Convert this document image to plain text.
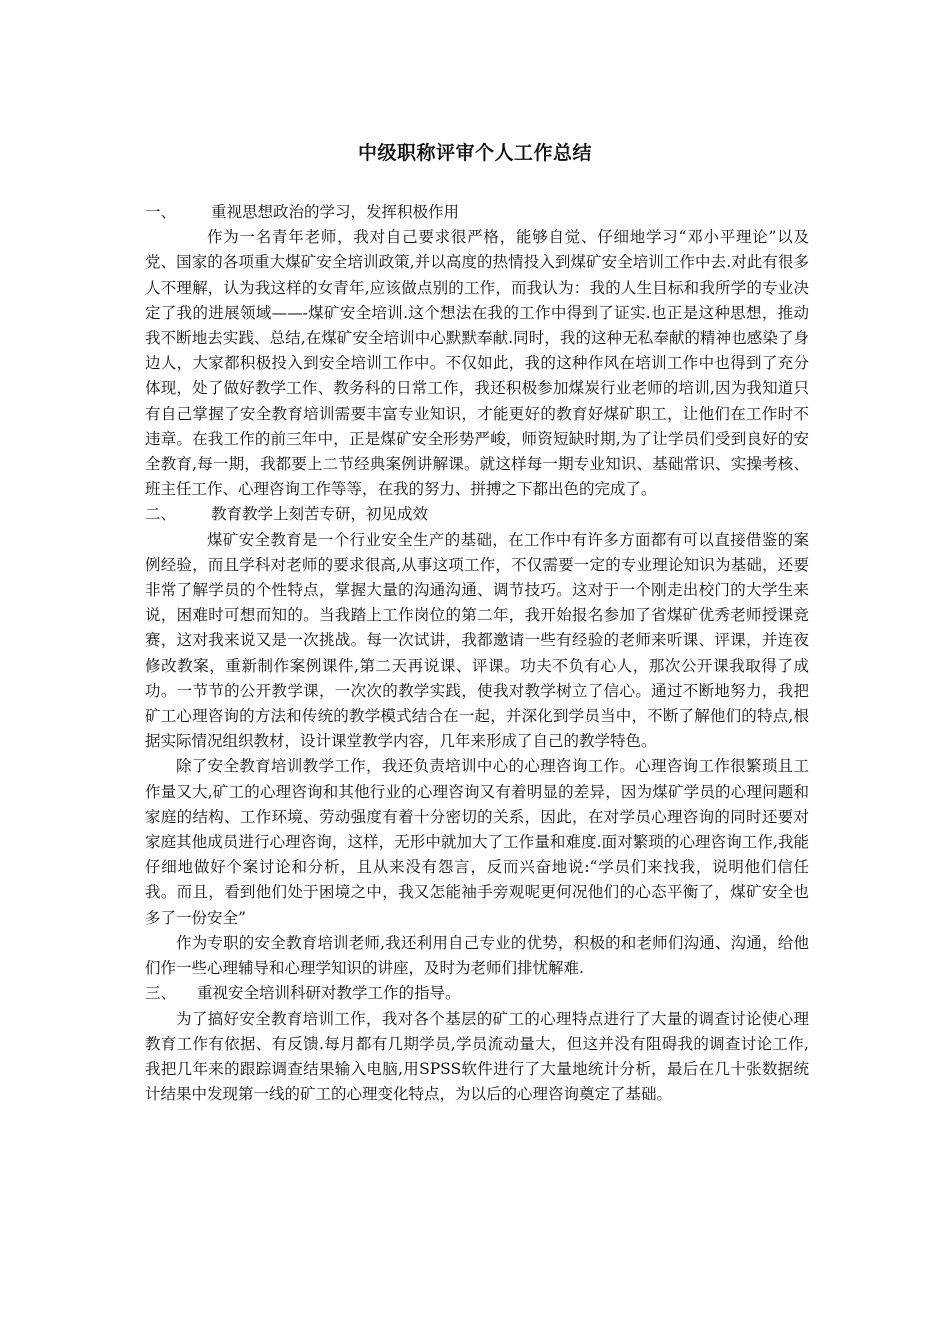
中级职称评审个人工作总结
一、	重视思想政治的学习，发挥积极作用

作为一名青年老师，我对自己要求很严格，能够自觉、仔细地学习“邓小平理论”以及党、国家的各项重大煤矿安全培训政策,并以高度的热情投入到煤矿安全培训工作中去.对此有很多人不理解，认为我这样的女青年,应该做点别的工作，而我认为：我的人生目标和我所学的专业决定了我的进展领域——-煤矿安全培训.这个想法在我的工作中得到了证实.也正是这种思想，推动我不断地去实践、总结,在煤矿安全培训中心默默奉献.同时，我的这种无私奉献的精神也感染了身边人，大家都积极投入到安全培训工作中。不仅如此，我的这种作风在培训工作中也得到了充分体现，处了做好教学工作、教务科的日常工作，我还积极参加煤炭行业老师的培训,因为我知道只有自己掌握了安全教育培训需要丰富专业知识，才能更好的教育好煤矿职工，让他们在工作时不违章。在我工作的前三年中，正是煤矿安全形势严峻，师资短缺时期,为了让学员们受到良好的安全教育,每一期，我都要上二节经典案例讲解课。就这样每一期专业知识、基础常识、实操考核、班主任工作、心理咨询工作等等，在我的努力、拼搏之下都出色的完成了。

二、	教育教学上刻苦专研，初见成效

煤矿安全教育是一个行业安全生产的基础，在工作中有许多方面都有可以直接借鉴的案例经验，而且学科对老师的要求很高,从事这项工作，不仅需要一定的专业理论知识为基础，还要非常了解学员的个性特点，掌握大量的沟通沟通、调节技巧。这对于一个刚走出校门的大学生来说，困难时可想而知的。当我踏上工作岗位的第二年，我开始报名参加了省煤矿优秀老师授课竞赛，这对我来说又是一次挑战。每一次试讲，我都邀请一些有经验的老师来听课、评课，并连夜修改教案，重新制作案例课件,第二天再说课、评课。功夫不负有心人，那次公开课我取得了成功。一节节的公开教学课，一次次的教学实践，使我对教学树立了信心。通过不断地努力，我把矿工心理咨询的方法和传统的教学模式结合在一起，并深化到学员当中，不断了解他们的特点,根据实际情况组织教材，设计课堂教学内容，几年来形成了自己的教学特色。

除了安全教育培训教学工作，我还负责培训中心的心理咨询工作。心理咨询工作很繁琐且工作量又大,矿工的心理咨询和其他行业的心理咨询又有着明显的差异，因为煤矿学员的心理问题和家庭的结构、工作环境、劳动强度有着十分密切的关系，因此，在对学员心理咨询的同时还要对家庭其他成员进行心理咨询，这样，无形中就加大了工作量和难度.面对繁琐的心理咨询工作,我能仔细地做好个案讨论和分析，且从来没有怨言，反而兴奋地说:“学员们来找我，说明他们信任我。而且，看到他们处于困境之中，我又怎能袖手旁观呢更何况他们的心态平衡了，煤矿安全也多了一份安全”

作为专职的安全教育培训老师,我还利用自己专业的优势，积极的和老师们沟通、沟通，给他们作一些心理辅导和心理学知识的讲座，及时为老师们排忧解难.

三、	重视安全培训科研对教学工作的指导。

为了搞好安全教育培训工作，我对各个基层的矿工的心理特点进行了大量的调查讨论使心理教育工作有依据、有反馈.每月都有几期学员,学员流动量大，但这并没有阻碍我的调查讨论工作,我把几年来的跟踪调查结果输入电脑,用SPSS软件进行了大量地统计分析，最后在几十张数据统计结果中发现第一线的矿工的心理变化特点，为以后的心理咨询奠定了基础。
